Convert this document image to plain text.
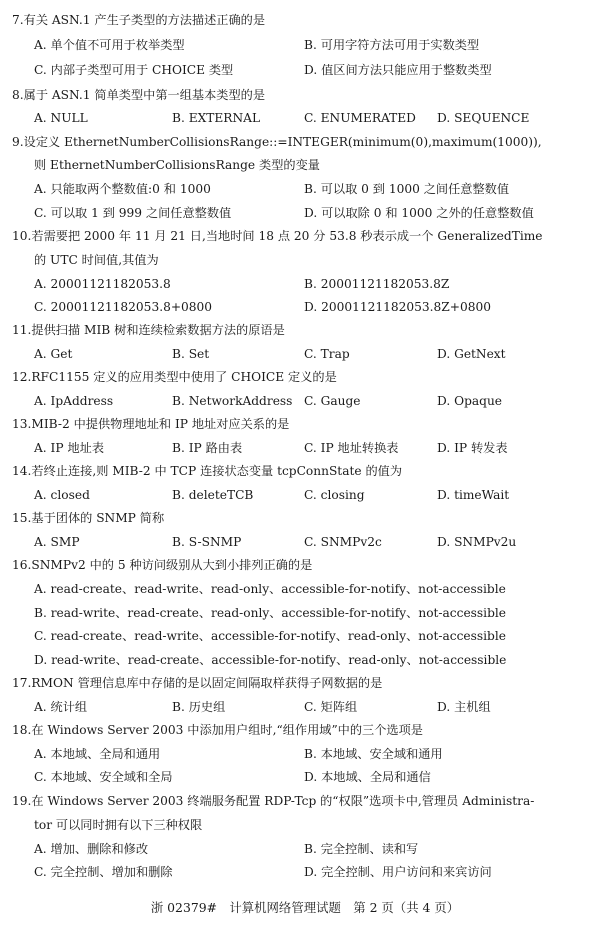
7.有关 ASN.1 产生子类型的方法描述正确的是
A. 单个值不可用于枚举类型	B. 可用字符方法可用于实数类型
C. 内部子类型可用于 CHOICE 类型	D. 值区间方法只能应用于整数类型
8.属于 ASN.1 简单类型中第一组基本类型的是
A. NULL	B. EXTERNAL	C. ENUMERATED D. SEQUENCE
9.设定义 EthernetNumberCollisionsRange::=INTEGER(minimum(0),maximum(1000)),
则 EthernetNumberCollisionsRange 类型的变量
A. 只能取两个整数值:0 和 1000	B. 可以取 0 到 1000 之间任意整数值
C. 可以取 1 到 999 之间任意整数值	D. 可以取除 0 和 1000 之外的任意整数值
10.若需要把 2000 年 11 月 21 日,当地时间 18 点 20 分 53.8 秒表示成一个 GeneralizedTime
的 UTC 时间值,其值为
A. 20001121182053.8	B. 20001121182053.8Z
C. 20001121182053.8+0800	D. 20001121182053.8Z+0800
11.提供扫描 MIB 树和连续检索数据方法的原语是
A. Get	B. Set	C. Trap	D. GetNext
12.RFC1155 定义的应用类型中使用了 CHOICE 定义的是
A. IpAddress	B. NetworkAddress C. Gauge	D. Opaque
13.MIB-2 中提供物理地址和 IP 地址对应关系的是
A. IP 地址表	B. IP 路由表	C. IP 地址转换表	D. IP 转发表
14.若终止连接,则 MIB-2 中 TCP 连接状态变量 tcpConnState 的值为
A. closed	B. deleteTCB	C. closing	D. timeWait
15.基于团体的 SNMP 简称
A. SMP	B. S-SNMP	C. SNMPv2c	D. SNMPv2u
16.SNMPv2 中的 5 种访问级别从大到小排列正确的是
A. read-create、read-write、read-only、accessible-for-notify、not-accessible
B. read-write、read-create、read-only、accessible-for-notify、not-accessible
C. read-create、read-write、accessible-for-notify、read-only、not-accessible
D. read-write、read-create、accessible-for-notify、read-only、not-accessible
17.RMON 管理信息库中存储的是以固定间隔取样获得子网数据的是
A. 统计组	B. 历史组	C. 矩阵组	D. 主机组
18.在 Windows Server 2003 中添加用户组时,“组作用域”中的三个选项是
A. 本地域、全局和通用	B. 本地域、安全域和通用
C. 本地域、安全域和全局	D. 本地域、全局和通信
19.在 Windows Server 2003 终端服务配置 RDP-Tcp 的“权限”选项卡中,管理员 Administra-
tor 可以同时拥有以下三种权限
A. 增加、删除和修改	B. 完全控制、读和写
C. 完全控制、增加和删除	D. 完全控制、用户访问和来宾访问
浙 02379#　计算机网络管理试题　第 2 页（共 4 页）
